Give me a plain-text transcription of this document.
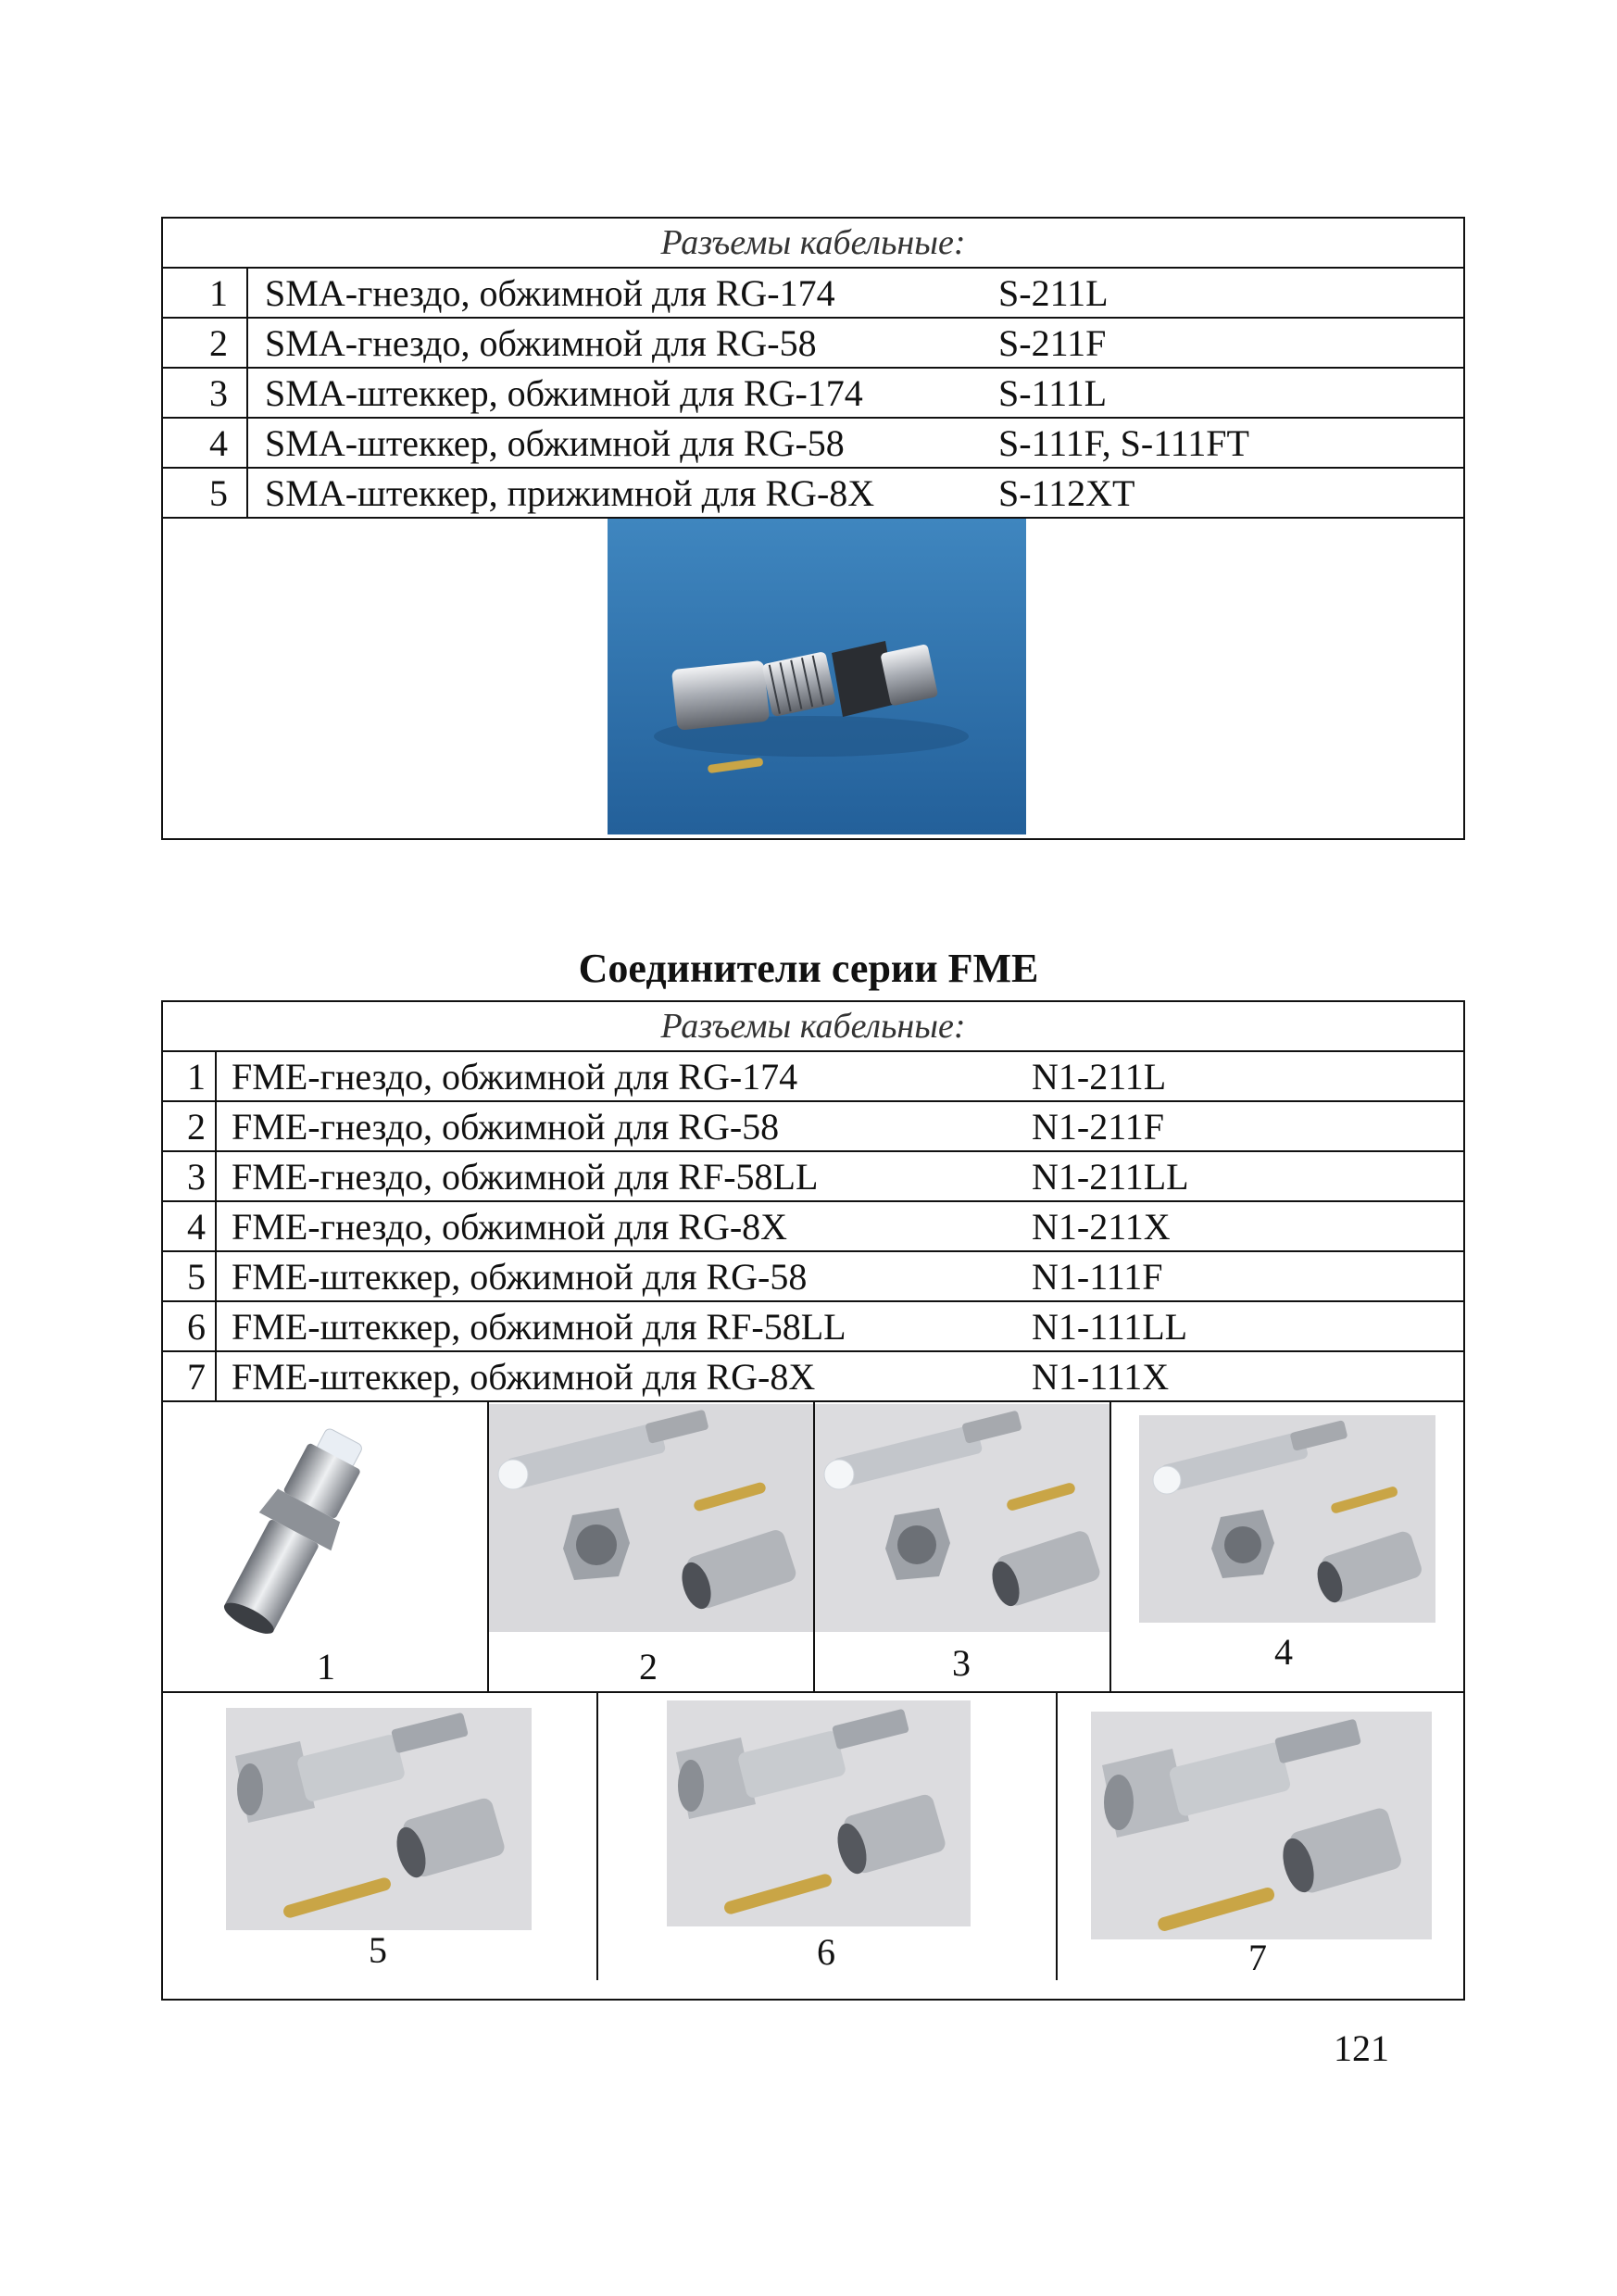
Разъемы кабельные:
1	SMA-гнездо, обжимной для RG-174	S-211L
2	SMA-гнездо, обжимной для RG-58	S-211F
3	SMA-штеккер, обжимной для RG-174	S-111L
4	SMA-штеккер, обжимной для RG-58	S-111F, S-111FT
5	SMA-штеккер, прижимной для RG-8X	S-112XT
Соединители серии FME
Разъемы кабельные:
1 FME-гнездо, обжимной для RG-174	N1-211L
2 FME-гнездо, обжимной для RG-58	N1-211F
3 FME-гнездо, обжимной для RF-58LL	N1-211LL
4 FME-гнездо, обжимной для RG-8X	N1-211X
5 FME-штеккер, обжимной для RG-58	N1-111F
6 FME-штеккер, обжимной для RF-58LL	N1-111LL
7 FME-штеккер, обжимной для RG-8X	N1-111X
1	2	3	4
5	6	7
121
